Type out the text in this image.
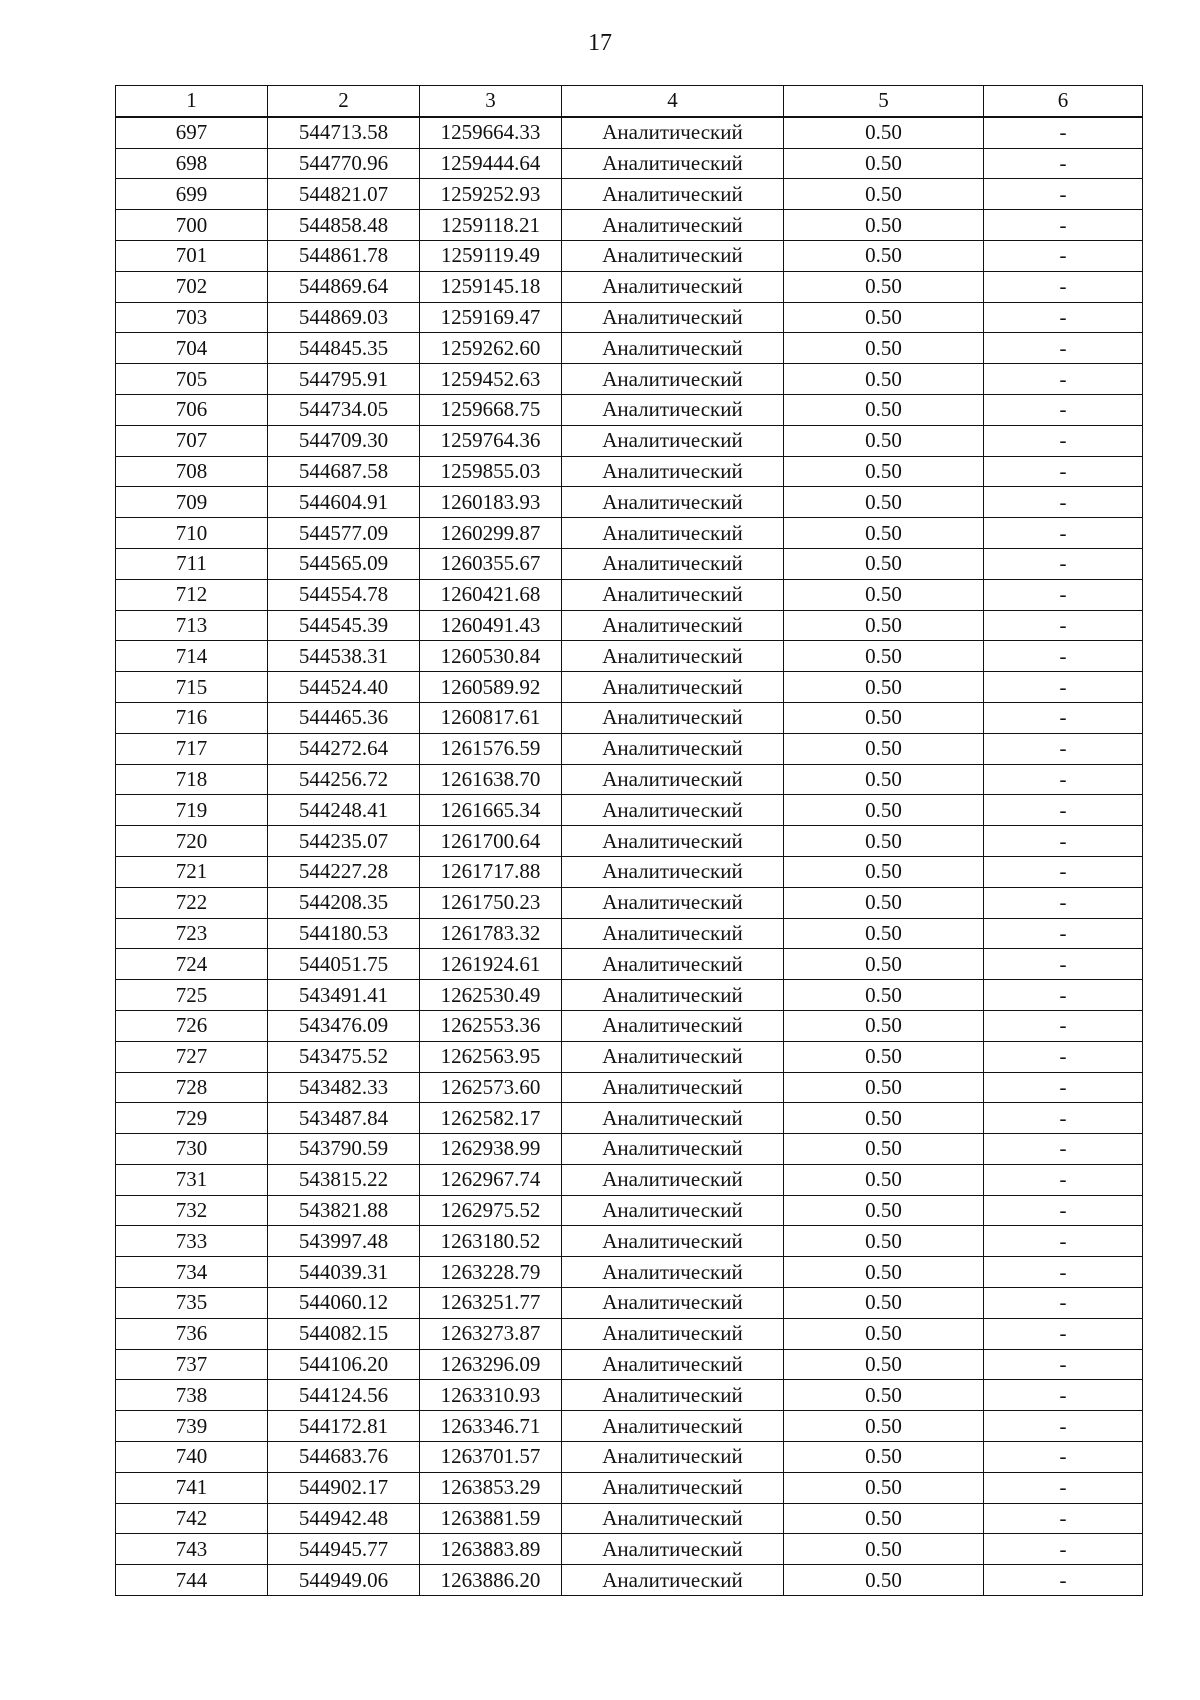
17
1	2	3	4	5	6
697	544713.58	1259664.33	Аналитический	0.50	-
698	544770.96	1259444.64	Аналитический	0.50	-
699	544821.07	1259252.93	Аналитический	0.50	-
700	544858.48	1259118.21	Аналитический	0.50	-
701	544861.78	1259119.49	Аналитический	0.50	-
702	544869.64	1259145.18	Аналитический	0.50	-
703	544869.03	1259169.47	Аналитический	0.50	-
704	544845.35	1259262.60	Аналитический	0.50	-
705	544795.91	1259452.63	Аналитический	0.50	-
706	544734.05	1259668.75	Аналитический	0.50	-
707	544709.30	1259764.36	Аналитический	0.50	-
708	544687.58	1259855.03	Аналитический	0.50	-
709	544604.91	1260183.93	Аналитический	0.50	-
710	544577.09	1260299.87	Аналитический	0.50	-
711	544565.09	1260355.67	Аналитический	0.50	-
712	544554.78	1260421.68	Аналитический	0.50	-
713	544545.39	1260491.43	Аналитический	0.50	-
714	544538.31	1260530.84	Аналитический	0.50	-
715	544524.40	1260589.92	Аналитический	0.50	-
716	544465.36	1260817.61	Аналитический	0.50	-
717	544272.64	1261576.59	Аналитический	0.50	-
718	544256.72	1261638.70	Аналитический	0.50	-
719	544248.41	1261665.34	Аналитический	0.50	-
720	544235.07	1261700.64	Аналитический	0.50	-
721	544227.28	1261717.88	Аналитический	0.50	-
722	544208.35	1261750.23	Аналитический	0.50	-
723	544180.53	1261783.32	Аналитический	0.50	-
724	544051.75	1261924.61	Аналитический	0.50	-
725	543491.41	1262530.49	Аналитический	0.50	-
726	543476.09	1262553.36	Аналитический	0.50	-
727	543475.52	1262563.95	Аналитический	0.50	-
728	543482.33	1262573.60	Аналитический	0.50	-
729	543487.84	1262582.17	Аналитический	0.50	-
730	543790.59	1262938.99	Аналитический	0.50	-
731	543815.22	1262967.74	Аналитический	0.50	-
732	543821.88	1262975.52	Аналитический	0.50	-
733	543997.48	1263180.52	Аналитический	0.50	-
734	544039.31	1263228.79	Аналитический	0.50	-
735	544060.12	1263251.77	Аналитический	0.50	-
736	544082.15	1263273.87	Аналитический	0.50	-
737	544106.20	1263296.09	Аналитический	0.50	-
738	544124.56	1263310.93	Аналитический	0.50	-
739	544172.81	1263346.71	Аналитический	0.50	-
740	544683.76	1263701.57	Аналитический	0.50	-
741	544902.17	1263853.29	Аналитический	0.50	-
742	544942.48	1263881.59	Аналитический	0.50	-
743	544945.77	1263883.89	Аналитический	0.50	-
744	544949.06	1263886.20	Аналитический	0.50	-
